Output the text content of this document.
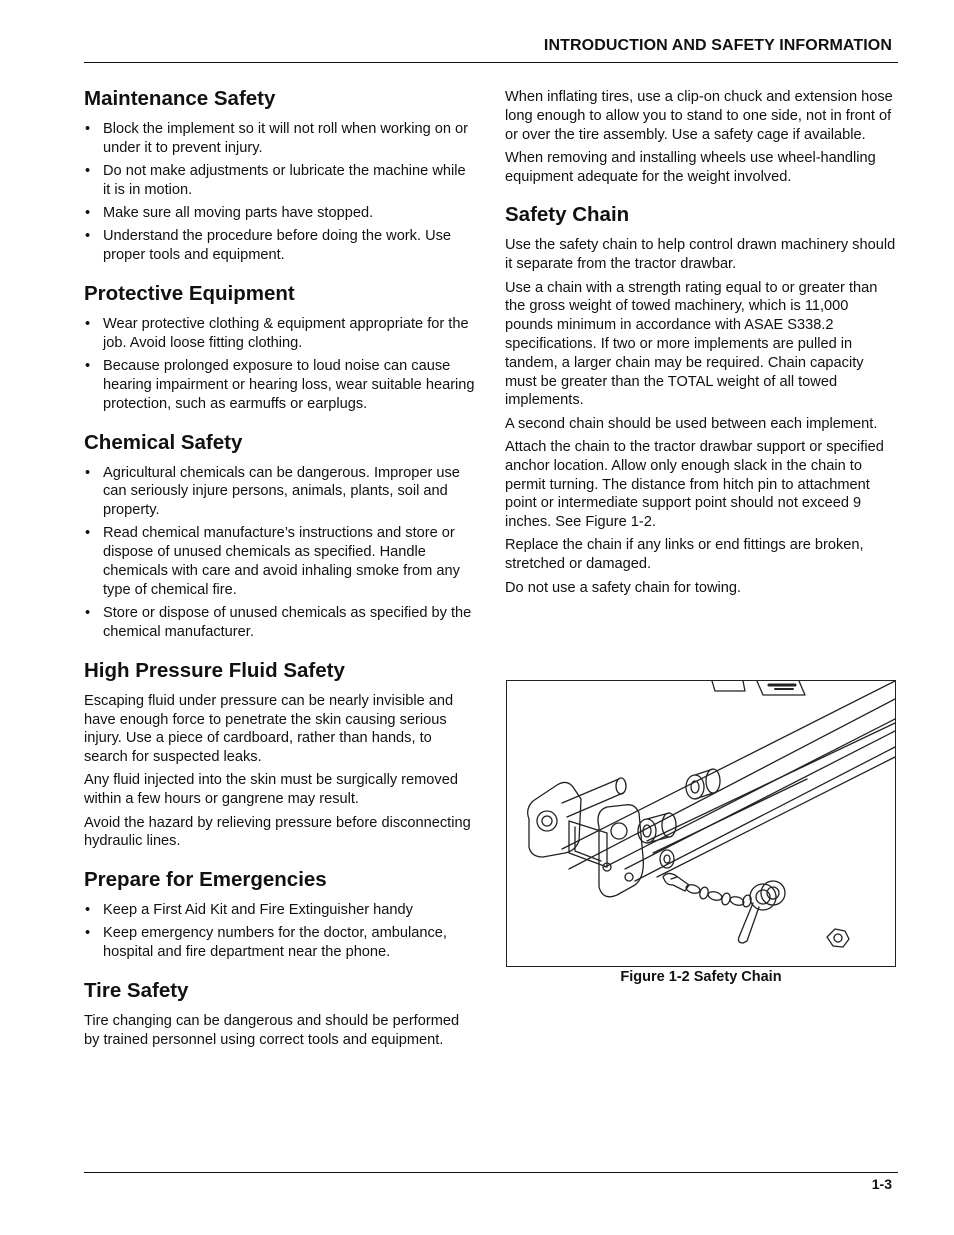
INTRODUCTION AND SAFETY INFORMATION
Maintenance Safety
• Block the implement so it will not roll when working on or under it to prevent injury.
• Do not make adjustments or lubricate the machine while it is in motion.
• Make sure all moving parts have stopped.
• Understand the procedure before doing the work. Use proper tools and equipment.
Protective Equipment
• Wear protective clothing & equipment appropriate for the job. Avoid loose fitting clothing.
• Because prolonged exposure to loud noise can cause hearing impairment or hearing loss, wear suitable hearing protection, such as earmuffs or earplugs.
Chemical Safety
• Agricultural chemicals can be dangerous. Improper use can seriously injure persons, animals, plants, soil and property.
• Read chemical manufacture’s instructions and store or dispose of unused chemicals as specified. Handle chemicals with care and avoid inhaling smoke from any type of chemical fire.
• Store or dispose of unused chemicals as specified by the chemical manufacturer.
High Pressure Fluid Safety

Escaping fluid under pressure can be nearly invisible and have enough force to penetrate the skin causing serious injury. Use a piece of cardboard, rather than hands, to search for suspected leaks.

Any fluid injected into the skin must be surgically removed within a few hours or gangrene may result.

Avoid the hazard by relieving pressure before disconnecting hydraulic lines.

Prepare for Emergencies
• Keep a First Aid Kit and Fire Extinguisher handy
• Keep emergency numbers for the doctor, ambulance, hospital and fire department near the phone.
Tire Safety

Tire changing can be dangerous and should be performed by trained personnel using correct tools and equipment.

When inflating tires, use a clip-on chuck and extension hose long enough to allow you to stand to one side, not in front of or over the tire assembly. Use a safety cage if available.

When removing and installing wheels use wheel-handling equipment adequate for the weight involved.

Safety Chain

Use the safety chain to help control drawn machinery should it separate from the tractor drawbar.

Use a chain with a strength rating equal to or greater than the gross weight of towed machinery, which is 11,000 pounds minimum in accordance with ASAE S338.2 specifications. If two or more implements are pulled in tandem, a larger chain may be required. Chain capacity must be greater than the TOTAL weight of all towed implements.

A second chain should be used between each implement.

Attach the chain to the tractor drawbar support or specified anchor location. Allow only enough slack in the chain to permit turning. The distance from hitch pin to attachment point or intermediate support point should not exceed 9 inches. See Figure 1-2.

Replace the chain if any links or end fittings are broken, stretched or damaged.

Do not use a safety chain for towing.

Figure 1-2 Safety Chain
1-3
